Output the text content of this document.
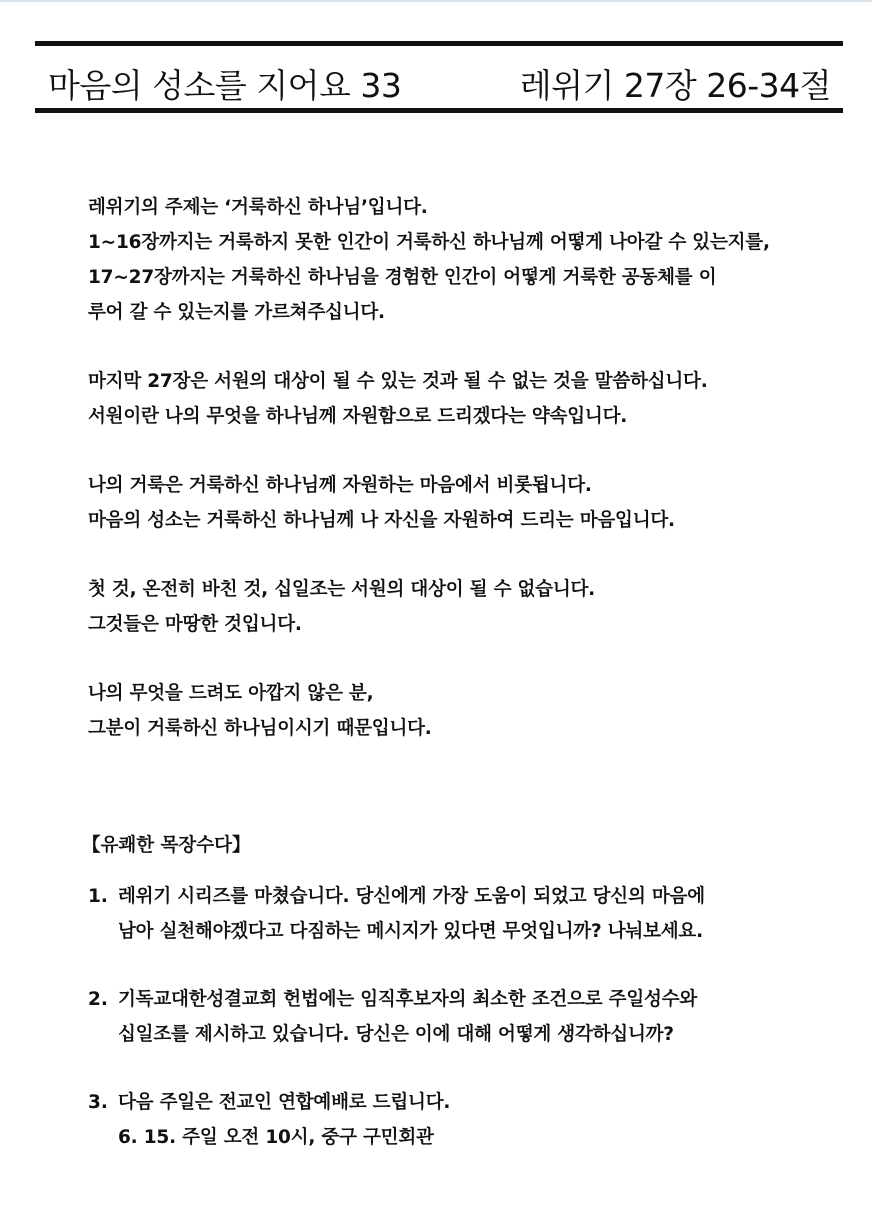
마음의 성소를 지어요 33	레위기 27장 26-34절
레위기의 주제는 ‘거룩하신 하나님’입니다.
1~16장까지는 거룩하지 못한 인간이 거룩하신 하나님께 어떻게 나아갈 수 있는지를,
17~27장까지는 거룩하신 하나님을 경험한 인간이 어떻게 거룩한 공동체를 이
루어 갈 수 있는지를 가르쳐주십니다.
마지막 27장은 서원의 대상이 될 수 있는 것과 될 수 없는 것을 말씀하십니다.
서원이란 나의 무엇을 하나님께 자원함으로 드리겠다는 약속입니다.
나의 거룩은 거룩하신 하나님께 자원하는 마음에서 비롯됩니다.
마음의 성소는 거룩하신 하나님께 나 자신을 자원하여 드리는 마음입니다.
첫 것, 온전히 바친 것, 십일조는 서원의 대상이 될 수 없습니다.
그것들은 마땅한 것입니다.
나의 무엇을 드려도 아깝지 않은 분,
그분이 거룩하신 하나님이시기 때문입니다.
【유쾌한 목장수다】
1. 레위기 시리즈를 마쳤습니다. 당신에게 가장 도움이 되었고 당신의 마음에
남아 실천해야겠다고 다짐하는 메시지가 있다면 무엇입니까? 나눠보세요.
2. 기독교대한성결교회 헌법에는 임직후보자의 최소한 조건으로 주일성수와
십일조를 제시하고 있습니다. 당신은 이에 대해 어떻게 생각하십니까?
3. 다음 주일은 전교인 연합예배로 드립니다.
6. 15. 주일 오전 10시, 중구 구민회관
